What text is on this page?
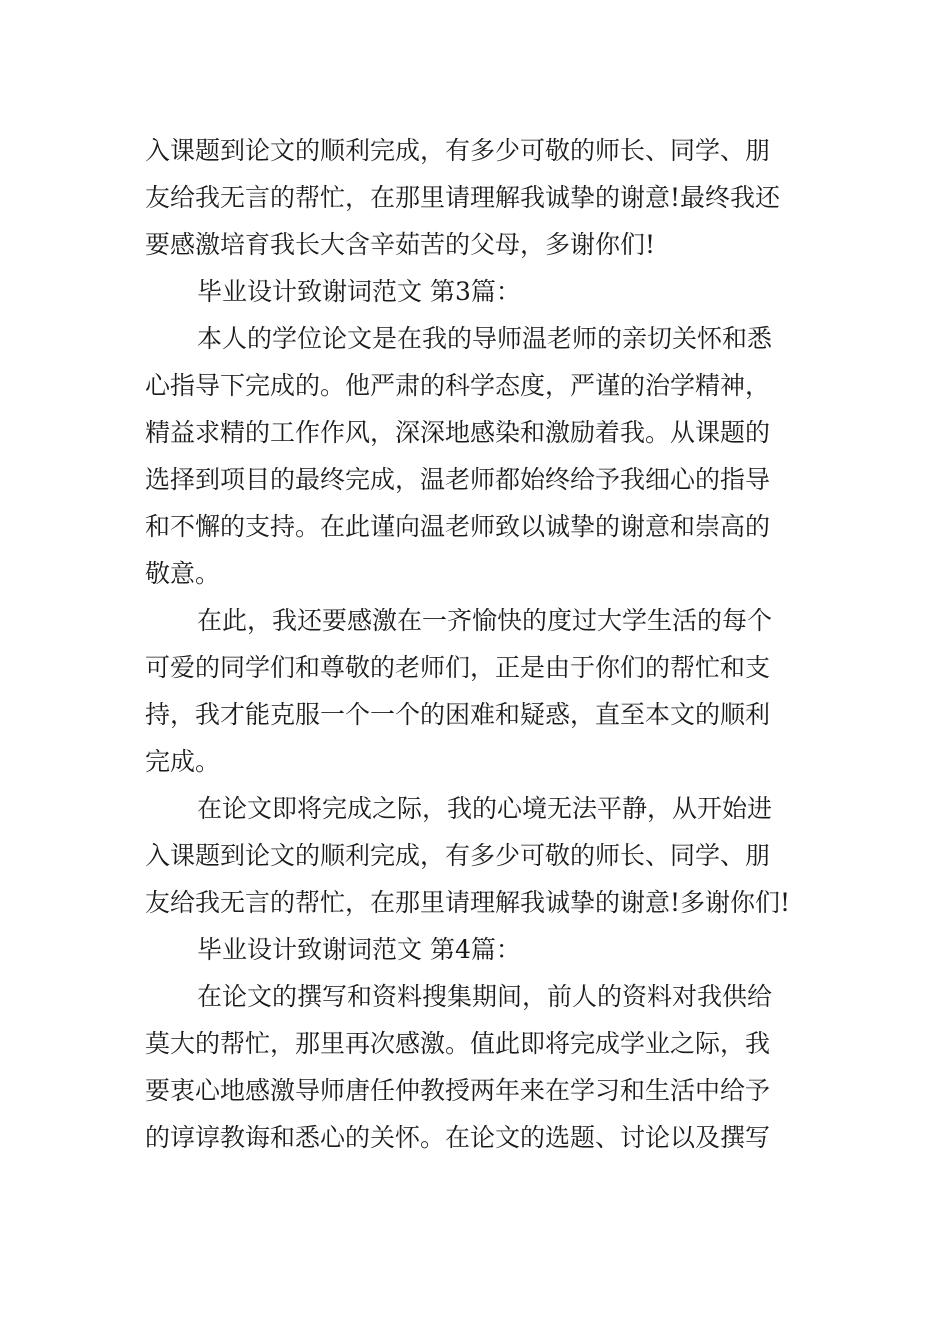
入课题到论文的顺利完成，有多少可敬的师长、同学、朋
友给我无言的帮忙，在那里请理解我诚挚的谢意!最终我还
要感激培育我长大含辛茹苦的父母，多谢你们!
毕业设计致谢词范文 第3篇：
本人的学位论文是在我的导师温老师的亲切关怀和悉
心指导下完成的。他严肃的科学态度，严谨的治学精神，
精益求精的工作作风，深深地感染和激励着我。从课题的
选择到项目的最终完成，温老师都始终给予我细心的指导
和不懈的支持。在此谨向温老师致以诚挚的谢意和崇高的
敬意。
在此，我还要感激在一齐愉快的度过大学生活的每个
可爱的同学们和尊敬的老师们，正是由于你们的帮忙和支
持，我才能克服一个一个的困难和疑惑，直至本文的顺利
完成。
在论文即将完成之际，我的心境无法平静，从开始进
入课题到论文的顺利完成，有多少可敬的师长、同学、朋
友给我无言的帮忙，在那里请理解我诚挚的谢意!多谢你们!
毕业设计致谢词范文 第4篇：
在论文的撰写和资料搜集期间，前人的资料对我供给
莫大的帮忙，那里再次感激。值此即将完成学业之际，我
要衷心地感激导师唐任仲教授两年来在学习和生活中给予
的谆谆教诲和悉心的关怀。在论文的选题、讨论以及撰写
